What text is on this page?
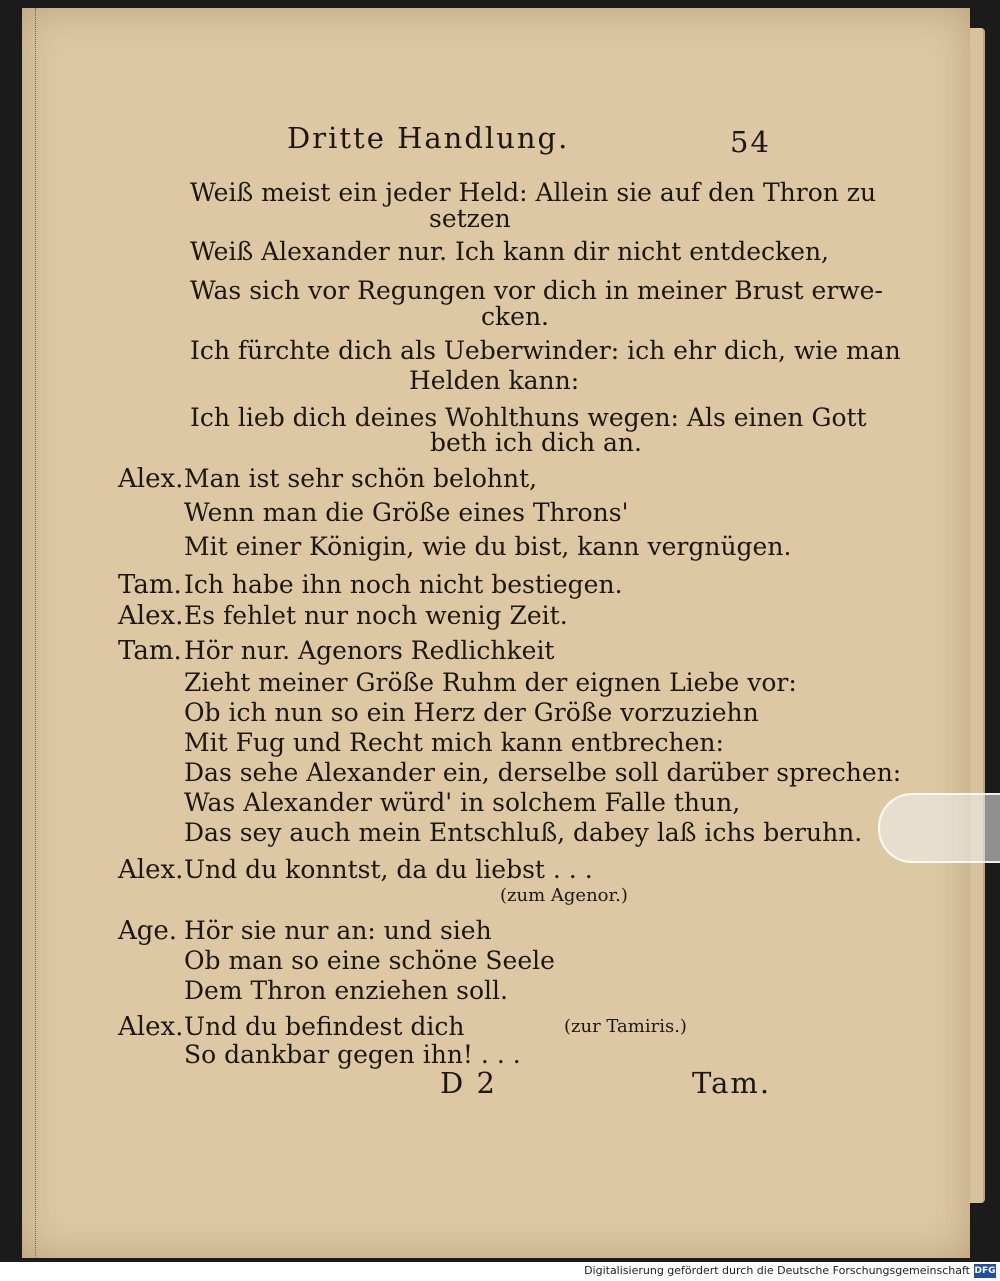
Dritte Handlung.	54
Weiß meist ein jeder Held: Allein sie auf den Thron zu
setzen
Weiß Alexander nur. Ich kann dir nicht entdecken,
Was sich vor Regungen vor dich in meiner Brust erwe-
cken.
Ich fürchte dich als Ueberwinder: ich ehr dich, wie man
Helden kann:
Ich lieb dich deines Wohlthuns wegen: Als einen Gott
beth ich dich an.
Alex. Man ist sehr schön belohnt,
Wenn man die Größe eines Throns'
Mit einer Königin, wie du bist, kann vergnügen.
Tam. Ich habe ihn noch nicht bestiegen.
Alex. Es fehlet nur noch wenig Zeit.
Tam. Hör nur. Agenors Redlichkeit
Zieht meiner Größe Ruhm der eignen Liebe vor:
Ob ich nun so ein Herz der Größe vorzuziehn
Mit Fug und Recht mich kann entbrechen:
Das sehe Alexander ein, derselbe soll darüber sprechen:
Was Alexander würd' in solchem Falle thun,
Das sey auch mein Entschluß, dabey laß ichs beruhn.
Alex. Und du konntst, da du liebst . . .
(zum Agenor.)
Age. Hör sie nur an: und sieh
Ob man so eine schöne Seele
Dem Thron enziehen soll.
Alex. Und du befindest dich	(zur Tamiris.)
So dankbar gegen ihn! . . .
D 2	Tam.
Digitalisierung gefördert durch die Deutsche Forschungsgemeinschaft DFG
